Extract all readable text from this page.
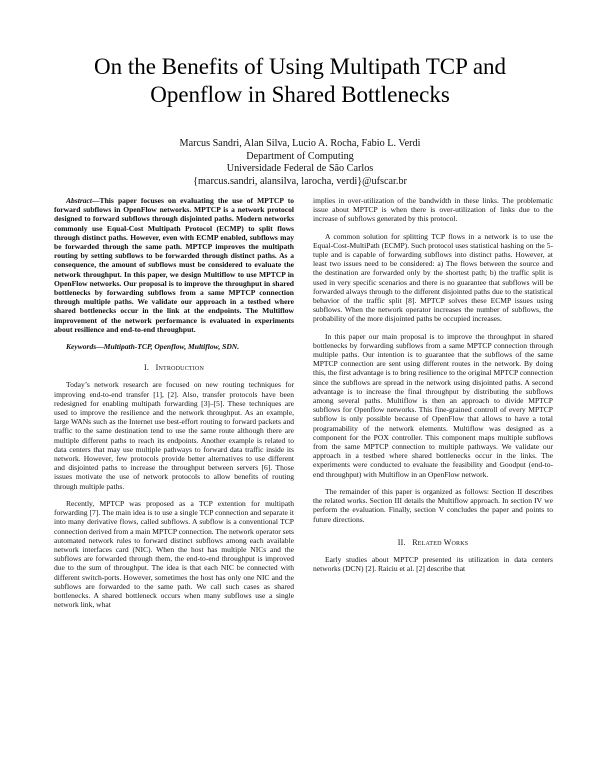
On the Benefits of Using Multipath TCP and
Openflow in Shared Bottlenecks
Marcus Sandri, Alan Silva, Lucio A. Rocha, Fabio L. Verdi
Department of Computing
Universidade Federal de São Carlos
{marcus.sandri, alansilva, larocha, verdi}@ufscar.br

Abstract—This paper focuses on evaluating the use of MPTCP to forward subflows in OpenFlow networks. MPTCP is a network protocol designed to forward subflows through disjointed paths. Modern networks commonly use Equal-Cost Multipath Protocol (ECMP) to split flows through distinct paths. However, even with ECMP enabled, subflows may be forwarded through the same path. MPTCP improves the multipath routing by setting subflows to be forwarded through distinct paths. As a consequence, the amount of subflows must be considered to evaluate the network throughput. In this paper, we design Multiflow to use MPTCP in OpenFlow networks. Our proposal is to improve the throughput in shared bottlenecks by forwarding subflows from a same MPTCP connection through multiple paths. We validate our approach in a testbed where shared bottlenecks occur in the link at the endpoints. The Multiflow improvement of the network performance is evaluated in experiments about resilience and end-to-end throughput.

Keywords—Multipath-TCP, Openflow, Multiflow, SDN.

I. Introduction

Today’s network research are focused on new routing techniques for improving end-to-end transfer [1], [2]. Also, transfer protocols have been redesigned for enabling multipath forwarding [3]–[5]. These techniques are used to improve the resilience and the network throughput. As an example, large WANs such as the Internet use best-effort routing to forward packets and traffic to the same destination tend to use the same route although there are multiple different paths to reach its endpoints. Another example is related to data centers that may use multiple pathways to forward data traffic inside its network. However, few protocols provide better alternatives to use different and disjointed paths to increase the throughput between servers [6]. Those issues motivate the use of network protocols to allow benefits of routing through multiple paths.

Recently, MPTCP was proposed as a TCP extention for multipath forwarding [7]. The main idea is to use a single TCP connection and separate it into many derivative flows, called subflows. A subflow is a conventional TCP connection derived from a main MPTCP connection. The network operator sets automated network rules to forward distinct subflows among each available network interfaces card (NIC). When the host has multiple NICs and the subflows are forwarded through them, the end-to-end throughput is improved due to the sum of throughput. The idea is that each NIC be connected with different switch-ports. However, sometimes the host has only one NIC and the subflows are forwarded to the same path. We call such cases as shared bottlenecks. A shared bottleneck occurs when many subflows use a single network link, what

implies in over-utilization of the bandwidth in these links. The problematic issue about MPTCP is when there is over-utilization of links due to the increase of subflows generated by this protocol.

A common solution for splitting TCP flows in a network is to use the Equal-Cost-MultiPath (ECMP). Such protocol uses statistical hashing on the 5-tuple and is capable of forwarding subflows into distinct paths. However, at least two issues need to be considered: a) The flows between the source and the destination are forwarded only by the shortest path; b) the traffic split is used in very specific scenarios and there is no guarantee that subflows will be forwarded always through to the different disjointed paths due to the statistical behavior of the traffic split [8]. MPTCP solves these ECMP issues using subflows. When the network operator increases the number of subflows, the probability of the more disjointed paths be occupied increases.

In this paper our main proposal is to improve the throughput in shared bottlenecks by forwarding subflows from a same MPTCP connection through multiple paths. Our intention is to guarantee that the subflows of the same MPTCP connection are sent using different routes in the network. By doing this, the first advantage is to bring resilience to the original MPTCP connection since the subflows are spread in the network using disjointed paths. A second advantage is to increase the final throughput by distributing the subflows among several paths. Multiflow is then an approach to divide MPTCP subflows for Openflow networks. This fine-grained controll of every MPTCP subflow is only possible because of OpenFlow that allows to have a total programability of the network elements. Multiflow was designed as a component for the POX controller. This component maps multiple subflows from the same MPTCP connection to multiple pathways. We validate our approach in a testbed where shared bottlenecks occur in the links. The experiments were conducted to evaluate the feasibility and Goodput (end-to-end throughput) with Multiflow in an OpenFlow network.

The remainder of this paper is organized as follows: Section II describes the related works. Section III details the Multiflow approach. In section IV we perform the evaluation. Finally, section V concludes the paper and points to future directions.

II. Related Works

Early studies about MPTCP presented its utilization in data centers networks (DCN) [2]. Raiciu et al. [2] describe that
